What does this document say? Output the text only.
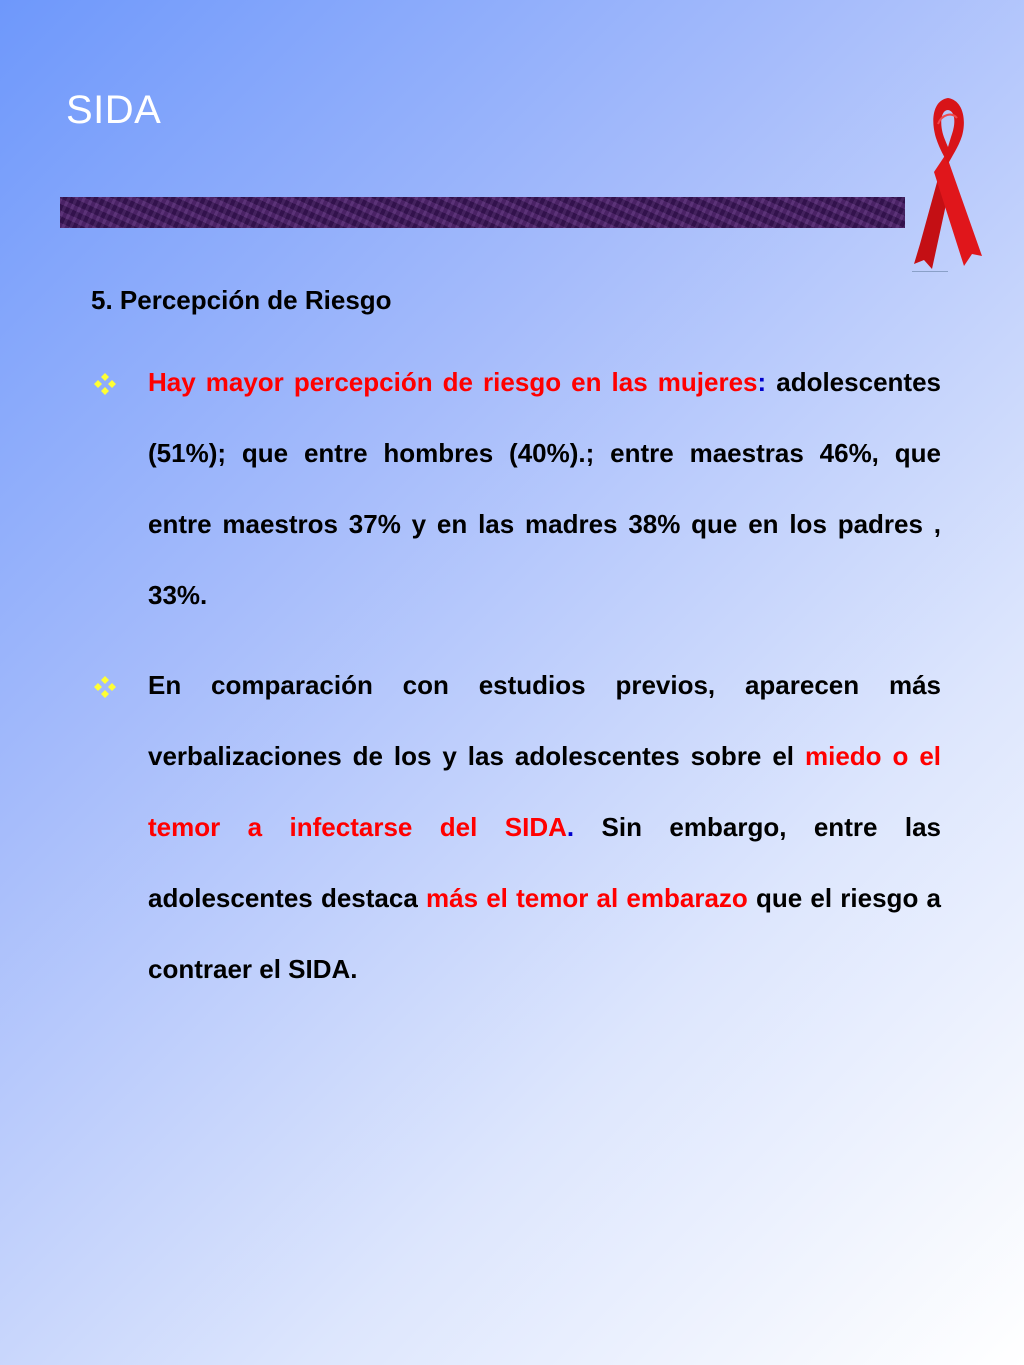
SIDA
5. Percepción de Riesgo

Hay mayor percepción de riesgo en las mujeres: adolescentes (51%); que entre hombres (40%).; entre maestras 46%, que entre maestros 37% y en las madres 38% que en los padres , 33%.

En comparación con estudios previos, aparecen más verbalizaciones de los y las adolescentes sobre el miedo o el temor a infectarse del SIDA. Sin embargo, entre las adolescentes destaca más el temor al embarazo que el riesgo a contraer el SIDA.
